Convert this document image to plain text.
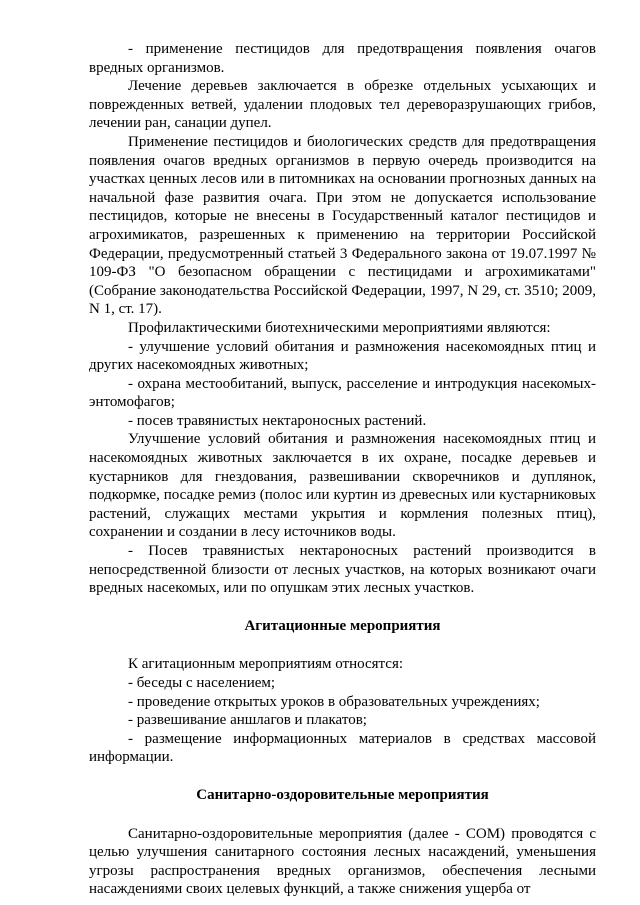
- применение пестицидов для предотвращения появления очагов вредных организмов.

Лечение деревьев заключается в обрезке отдельных усыхающих и поврежденных ветвей, удалении плодовых тел дереворазрушающих грибов, лечении ран, санации дупел.

Применение пестицидов и биологических средств для предотвращения появления очагов вредных организмов в первую очередь производится на участках ценных лесов или в питомниках на основании прогнозных данных на начальной фазе развития очага. При этом не допускается использование пестицидов, которые не внесены в Государственный каталог пестицидов и агрохимикатов, разрешенных к применению на территории Российской Федерации, предусмотренный статьей 3 Федерального закона от 19.07.1997 № 109-ФЗ "О безопасном обращении с пестицидами и агрохимикатами" (Собрание законодательства Российской Федерации, 1997, N 29, ст. 3510; 2009, N 1, ст. 17).

Профилактическими биотехническими мероприятиями являются:

- улучшение условий обитания и размножения насекомоядных птиц и других насекомоядных животных;

- охрана местообитаний, выпуск, расселение и интродукция насекомых-энтомофагов;

- посев травянистых нектароносных растений.

Улучшение условий обитания и размножения насекомоядных птиц и насекомоядных животных заключается в их охране, посадке деревьев и кустарников для гнездования, развешивании скворечников и дуплянок, подкормке, посадке ремиз (полос или куртин из древесных или кустарниковых растений, служащих местами укрытия и кормления полезных птиц), сохранении и создании в лесу источников воды.

- Посев травянистых нектароносных растений производится в непосредственной близости от лесных участков, на которых возникают очаги вредных насекомых, или по опушкам этих лесных участков.

Агитационные мероприятия

К агитационным мероприятиям относятся:

- беседы с населением;

- проведение открытых уроков в образовательных учреждениях;

- развешивание аншлагов и плакатов;

- размещение информационных материалов в средствах массовой информации.

Санитарно-оздоровительные мероприятия

Санитарно-оздоровительные мероприятия (далее - СОМ) проводятся с целью улучшения санитарного состояния лесных насаждений, уменьшения угрозы распространения вредных организмов, обеспечения лесными насаждениями своих целевых функций, а также снижения ущерба от
